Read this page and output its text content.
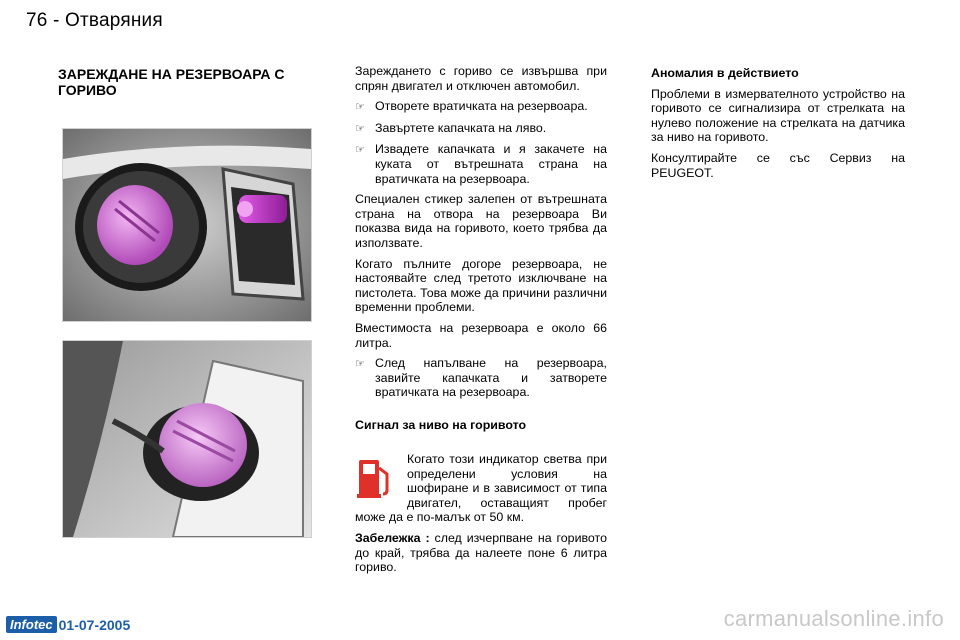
76 - Отваряния
ЗАРЕЖДАНЕ НА РЕЗЕРВОАРА С ГОРИВО

Зареждането с гориво се извършва при спрян двигател и отключен автомобил.

☞ Отворете вратичката на резервоара.
☞ Завъртете капачката на ляво.
☞ Извадете капачката и я закачете на куката от вътрешната страна на вратичката на резервоара.

Специален стикер залепен от вътрешната страна на отвора на резервоара Ви показва вида на горивото, което трябва да използвате.

Когато пълните догоре резервоара, не настоявайте след третото изключване на пистолета. Това може да причини различни временни проблеми.

Вместимоста на резервоара е около 66 литра.

☞ След напълване на резервоара, завийте капачката и затворете вратичката на резервоара.
Сигнал за ниво на горивото
Когато този индикатор светва при определени условия на шофиране и в зависимост от типа двигател, оставащият пробег може да е по-малък от 50 км.

Забележка : след изчерпване на горивото до край, трябва да налеете поне 6 литра гориво.

Аномалия в действието

Проблеми в измервателното устройство на горивото се сигнализира от стрелката на нулево положение на стрелката на датчика за ниво на горивото.

Консултирайте се със Сервиз на PEUGEOT.

Infotec 01-07-2005	carmanualsonline.info
